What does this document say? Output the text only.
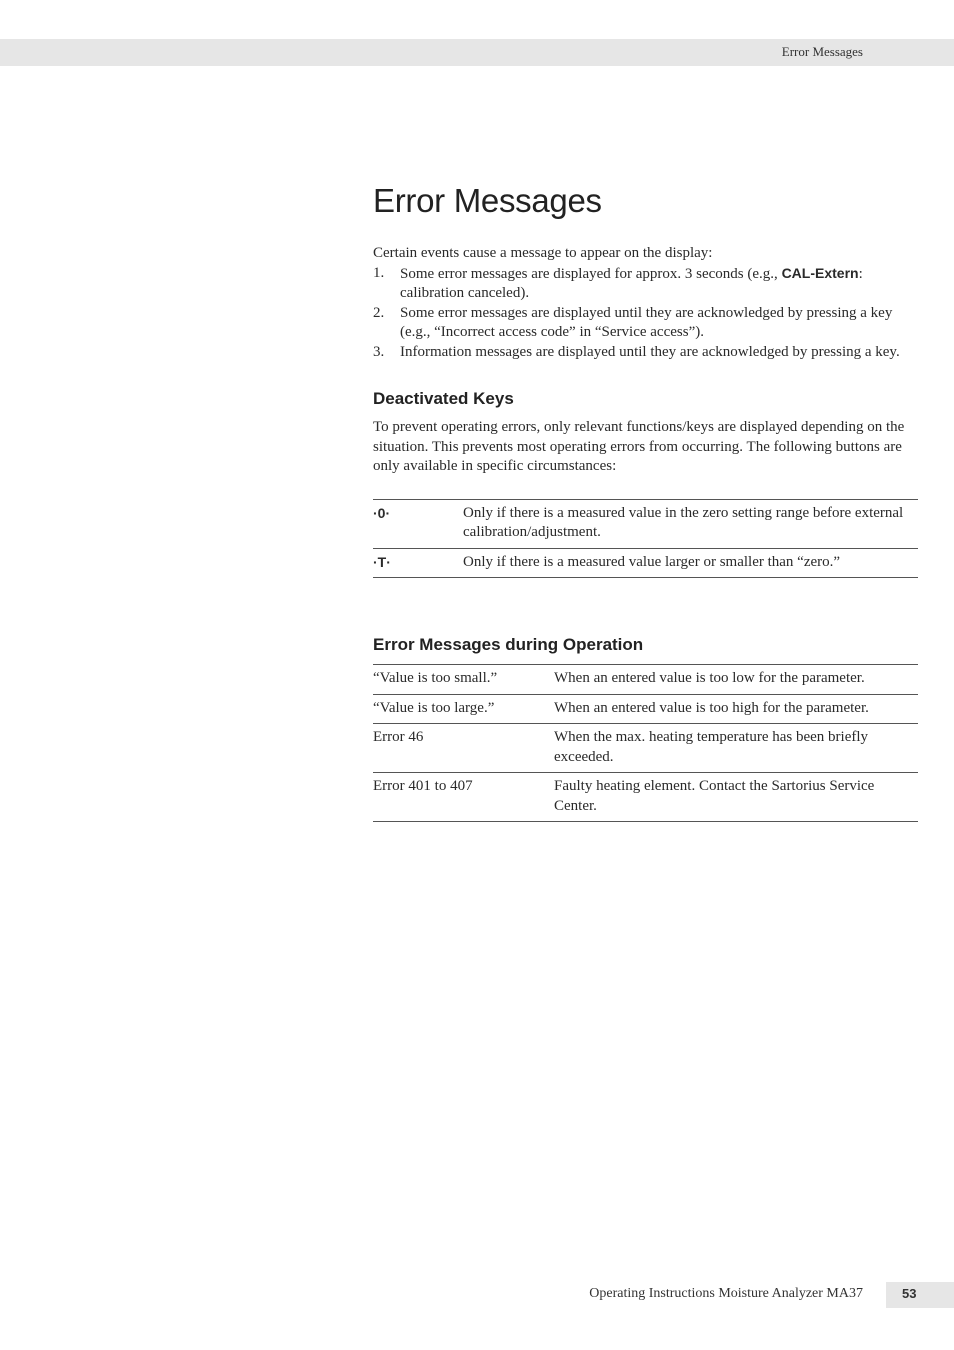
Error Messages
Error Messages

Certain events cause a message to appear on the display:

1.	Some error messages are displayed for approx. 3 seconds (e.g., CAL-Extern: calibration canceled).
2.	Some error messages are displayed until they are acknowledged by pressing a key (e.g., “Incorrect access code” in “Service access”).
3.	Information messages are displayed until they are acknowledged by pressing a key.
Deactivated Keys

To prevent operating errors, only relevant functions/keys are displayed depending on the situation. This prevents most operating errors from occurring. The following buttons are only available in specific circumstances:

·0·	Only if there is a measured value in the zero setting range before external calibration/adjustment.
·T·	Only if there is a measured value larger or smaller than “zero.”
Error Messages during Operation
“Value is too small.”	When an entered value is too low for the parameter.
“Value is too large.”	When an entered value is too high for the parameter.
Error 46	When the max. heating temperature has been briefly exceeded.
Error 401 to 407	Faulty heating element. Contact the Sartorius Service Center.
Operating Instructions Moisture Analyzer MA37	53
